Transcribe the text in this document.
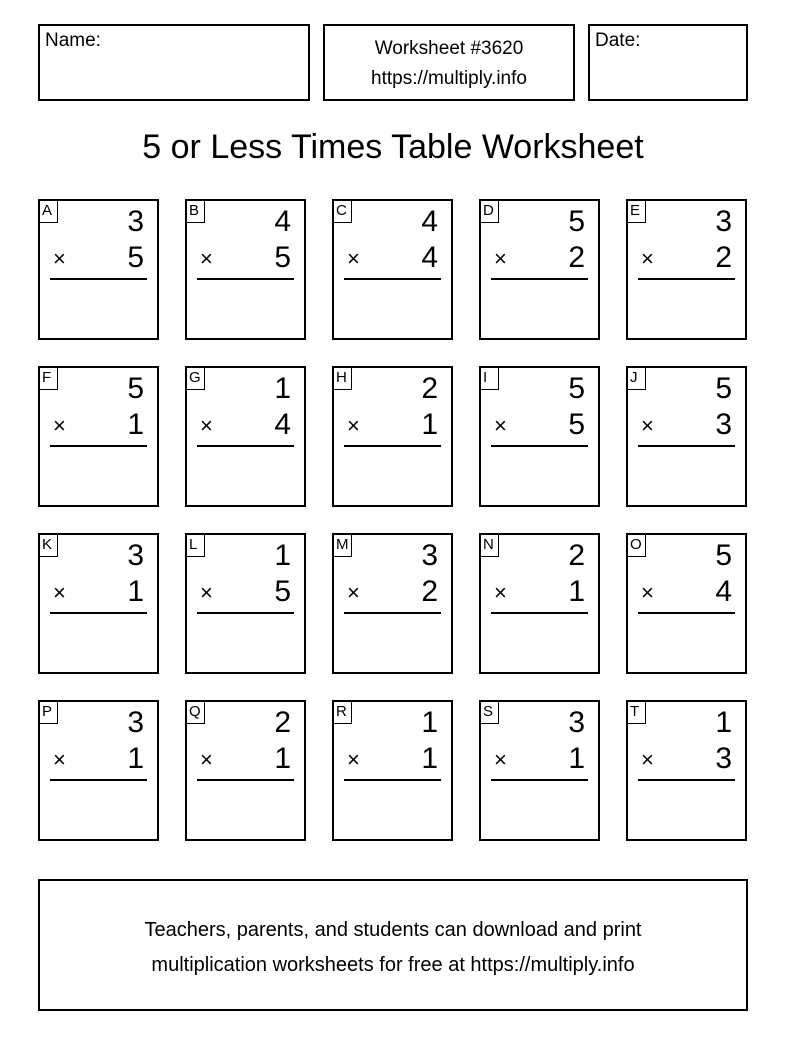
Name:	Worksheet #3620
https://multiply.info
Date:
5 or Less Times Table Worksheet
A	3
× 5
B	4
× 5
C 4
× 4
D 5
× 2
E	3
× 2
F	5
× 1
G 1
× 4
H 2
× 1
I	5
× 5
J	5
× 3
K	3
× 1
L	1
× 5
M 3
× 2
N 2
× 1
O 5
× 4
P	3
× 1
Q 2
× 1
R 1
× 1
S	3
× 1
T	1
× 3
Teachers, parents, and students can download and print
multiplication worksheets for free at https://multiply.info
